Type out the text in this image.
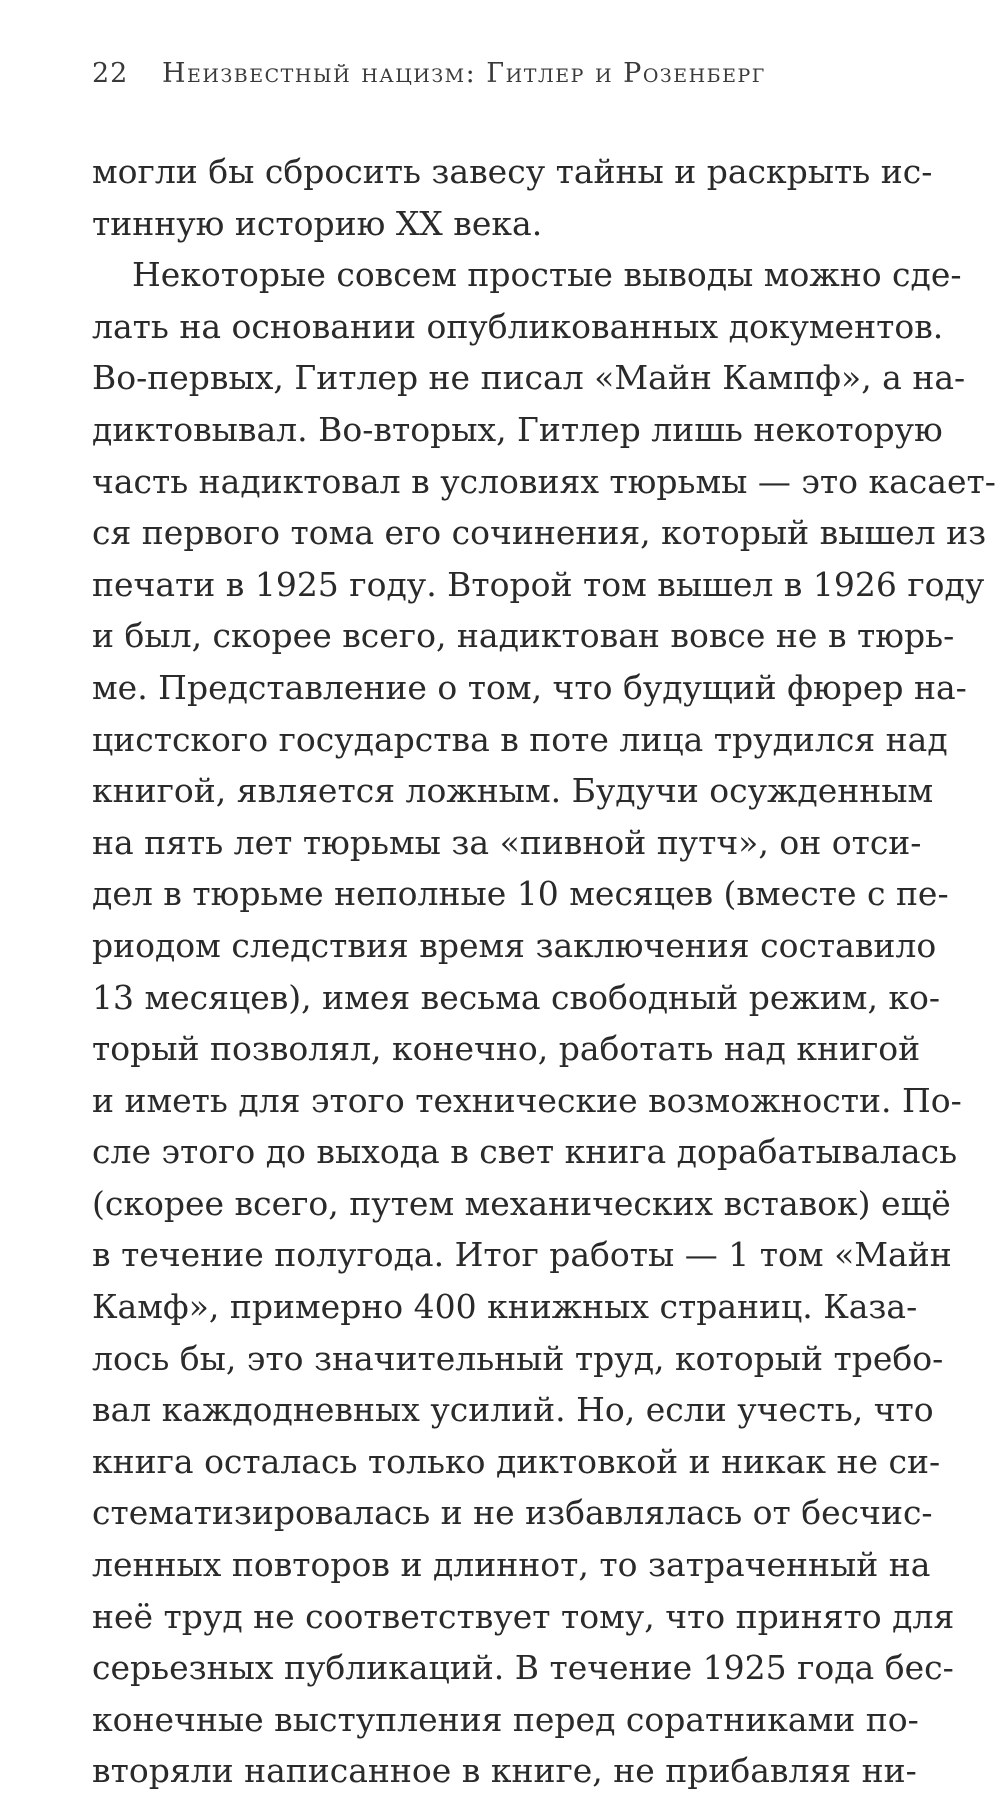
22 Неизвестный нацизм: Гитлер и Розенберг
могли бы сбросить завесу тайны и раскрыть ис-
тинную историю XX века.
Некоторые совсем простые выводы можно сде-
лать на основании опубликованных документов.
Во-первых, Гитлер не писал «Майн Кампф», а на-
диктовывал. Во-вторых, Гитлер лишь некоторую
часть надиктовал в условиях тюрьмы — это касает-
ся первого тома его сочинения, который вышел из
печати в 1925 году. Второй том вышел в 1926 году
и был, скорее всего, надиктован вовсе не в тюрь-
ме. Представление о том, что будущий фюрер на-
цистского государства в поте лица трудился над
книгой, является ложным. Будучи осужденным
на пять лет тюрьмы за «пивной путч», он отси-
дел в тюрьме неполные 10 месяцев (вместе с пе-
риодом следствия время заключения составило
13 месяцев), имея весьма свободный режим, ко-
торый позволял, конечно, работать над книгой
и иметь для этого технические возможности. По-
сле этого до выхода в свет книга дорабатывалась
(скорее всего, путем механических вставок) ещё
в течение полугода. Итог работы — 1 том «Майн
Камф», примерно 400 книжных страниц. Каза-
лось бы, это значительный труд, который требо-
вал каждодневных усилий. Но, если учесть, что
книга осталась только диктовкой и никак не си-
стематизировалась и не избавлялась от бесчис-
ленных повторов и длиннот, то затраченный на
неё труд не соответствует тому, что принято для
серьезных публикаций. В течение 1925 года бес-
конечные выступления перед соратниками по-
вторяли написанное в книге, не прибавляя ни-
